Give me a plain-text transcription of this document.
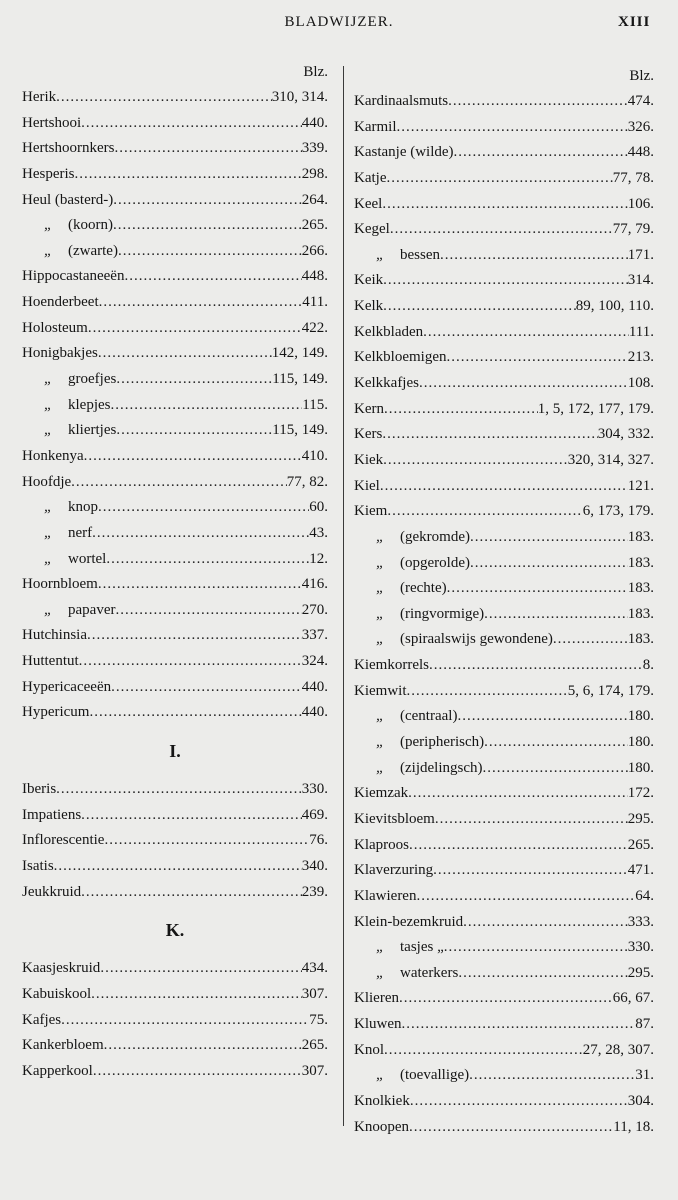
BLADWIJZER.	XIII
Blz.
Herik .....	310, 314.
Hertshooi .....	440.
Hertshoornkers .....	339.
Hesperis .....	298.
Heul (basterd-) .....	264.
„ (koorn) .....	265.
„ (zwarte) .....	266.
Hippocastaneeën .....	448.
Hoenderbeet .....	411.
Holosteum .....	422.
Honigbakjes .....	142, 149.
„ groefjes .....	115, 149.
„ klepjes .....	115.
„ kliertjes .....	115, 149.
Honkenya .....	410.
Hoofdje .....	77, 82.
„ knop .....	60.
„ nerf .....	43.
„ wortel .....	12.
Hoornbloem .....	416.
„ papaver .....	270.
Hutchinsia .....	337.
Huttentut .....	324.
Hypericaceeën .....	440.
Hypericum .....	440.
I.
Iberis .....	330.
Impatiens .....	469.
Inflorescentie .....	76.
Isatis .....	340.
Jeukkruid .....	239.
K.
Kaasjeskruid .....	434.
Kabuiskool .....	307.
Kafjes .....	75.
Kankerbloem .....	265.
Kapperkool .....	307.
Blz.
Kardinaalsmuts .....	474.
Karmil .....	326.
Kastanje (wilde) .....	448.
Katje .....	77, 78.
Keel .....	106.
Kegel .....	77, 79.
„ bessen .....	171.
Keik .....	314.
Kelk .....	89, 100, 110.
Kelkbladen .....	111.
Kelkbloemigen .....	213.
Kelkkafjes .....	108.
Kern .....	1, 5, 172, 177, 179.
Kers .....	304, 332.
Kiek .....	320, 314, 327.
Kiel .....	121.
Kiem .....	6, 173, 179.
„ (gekromde) .....	183.
„ (opgerolde) .....	183.
„ (rechte) .....	183.
„ (ringvormige) .....	183.
„ (spiraalswijs gewondene) .....	183.
Kiemkorrels .....	8.
Kiemwit .....	5, 6, 174, 179.
„ (centraal) .....	180.
„ (peripherisch) .....	180.
„ (zijdelingsch) .....	180.
Kiemzak .....	172.
Kievitsbloem .....	295.
Klaproos .....	265.
Klaverzuring .....	471.
Klawieren .....	64.
Klein-bezemkruid .....	333.
„ tasjes „ .....	330.
„ waterkers .....	295.
Klieren .....	66, 67.
Kluwen .....	87.
Knol .....	27, 28, 307.
„ (toevallige) .....	31.
Knolkiek .....	304.
Knoopen .....	11, 18.
